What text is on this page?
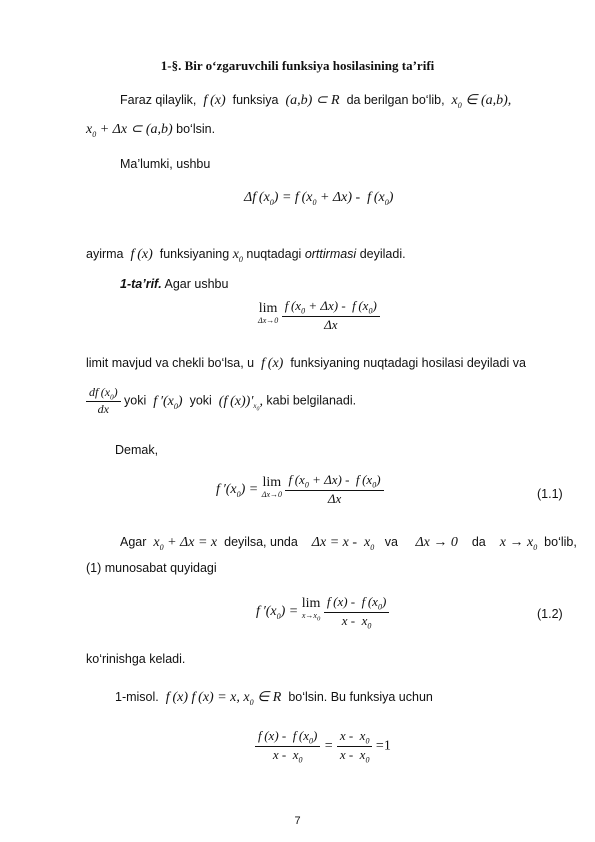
1-§. Bir o‘zgaruvchili funksiya hosilasining ta’rifi
Faraz qilaylik,  f (x)  funksiya  (a,b) ⊂ R  da berilgan bo‘lib,  $x_0$ ∈ (a,b),
$x_0 + \Delta x$ ⊂ (a,b) bo‘lsin.
Ma’lumki, ushbu
Δf $(x_0) = f$ $(x_0 + \Delta x) - f$ $(x_0)$
ayirma  f (x)  funksiyaning $x_0$ nuqtadagi orttirmasi deyiladi.
1-ta’rif. Agar ushbu
lim
Δx→0
$\frac{f (x_0 + \Delta x) - f (x_0)}{\Delta x}$
limit mavjud va chekli bo‘lsa, u  f (x)  funksiyaning nuqtadagi hosilasi deyiladi va
$\frac{df (x_0)}{dx}$ yoki  f $'(x_0)$  yoki  (f $(x))'_{x_0}$, kabi belgilanadi.
Demak,
f $'(x_0) = \lim$
Δx→0
$\frac{f (x_0 + \Delta x) - f (x_0)}{\Delta x}$	(1.1)
Agar  $x_0 + \Delta x = x$  deyilsa, unda    $\Delta x = x - x_0$ va     Δx → 0    da    $x \to x_0$ bo‘lib,
(1) munosabat quyidagi
f $'(x_0) = \lim$
$x\to x_0$
$\frac{f (x) - f (x_0)}{x - x_0}$	(1.2)
ko‘rinishga keladi.
1-misol.  f (x) f (x) = x, $x_0$ ∈ R  bo‘lsin. Bu funksiya uchun
$\frac{f (x) - f (x_0)}{x - x_0} = \frac{x - x_0}{x - x_0} =1$
7
